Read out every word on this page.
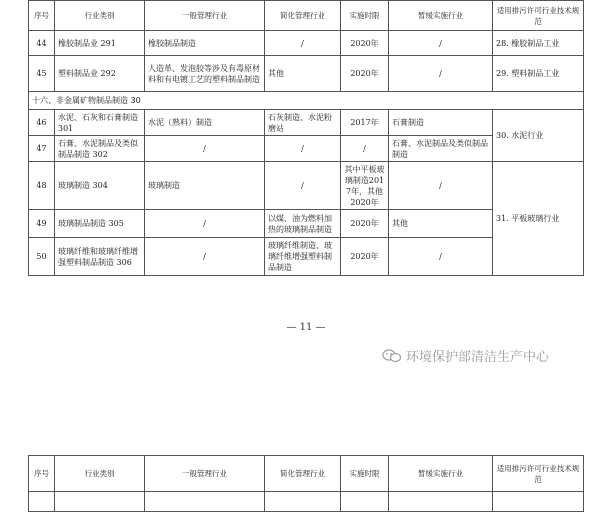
序号	行业类别	一般管理行业	简化管理行业	实施时限	暂缓实施行业	适用排污许可行业技术规范
44	橡胶制品业 291	橡胶制品制造	/	2020年	/	28. 橡胶制品工业
45	塑料制品业 292	人造革、发泡胶等涉及有毒原材料和有电镀工艺的塑料制品制造	其他	2020年	/	29. 塑料制品工业
十六、非金属矿物制品制造 30						
46	水泥、石灰和石膏制造 301	水泥（熟料）制造	石灰制造、水泥粉磨站	2017年	石膏制造	30. 水泥行业
47	石膏、水泥制品及类似制品制造 302	/	/	/	石膏、水泥制品及类似制品制造	
48	玻璃制造 304	玻璃制造	/	其中平板玻璃制造2017年，其他2020年	/	31. 平板玻璃行业
49	玻璃制品制造 305	/	以煤、油为燃料加热的玻璃制品制造	2020年	其他	
50	玻璃纤维和玻璃纤维增强塑料制品制造 306	/	玻璃纤维制造、玻璃纤维增强塑料制品制造	2020年	/	
— 11 —
环境保护部清洁生产中心
序号	行业类别	一般管理行业	简化管理行业	实施时限	暂缓实施行业	适用排污许可行业技术规范
